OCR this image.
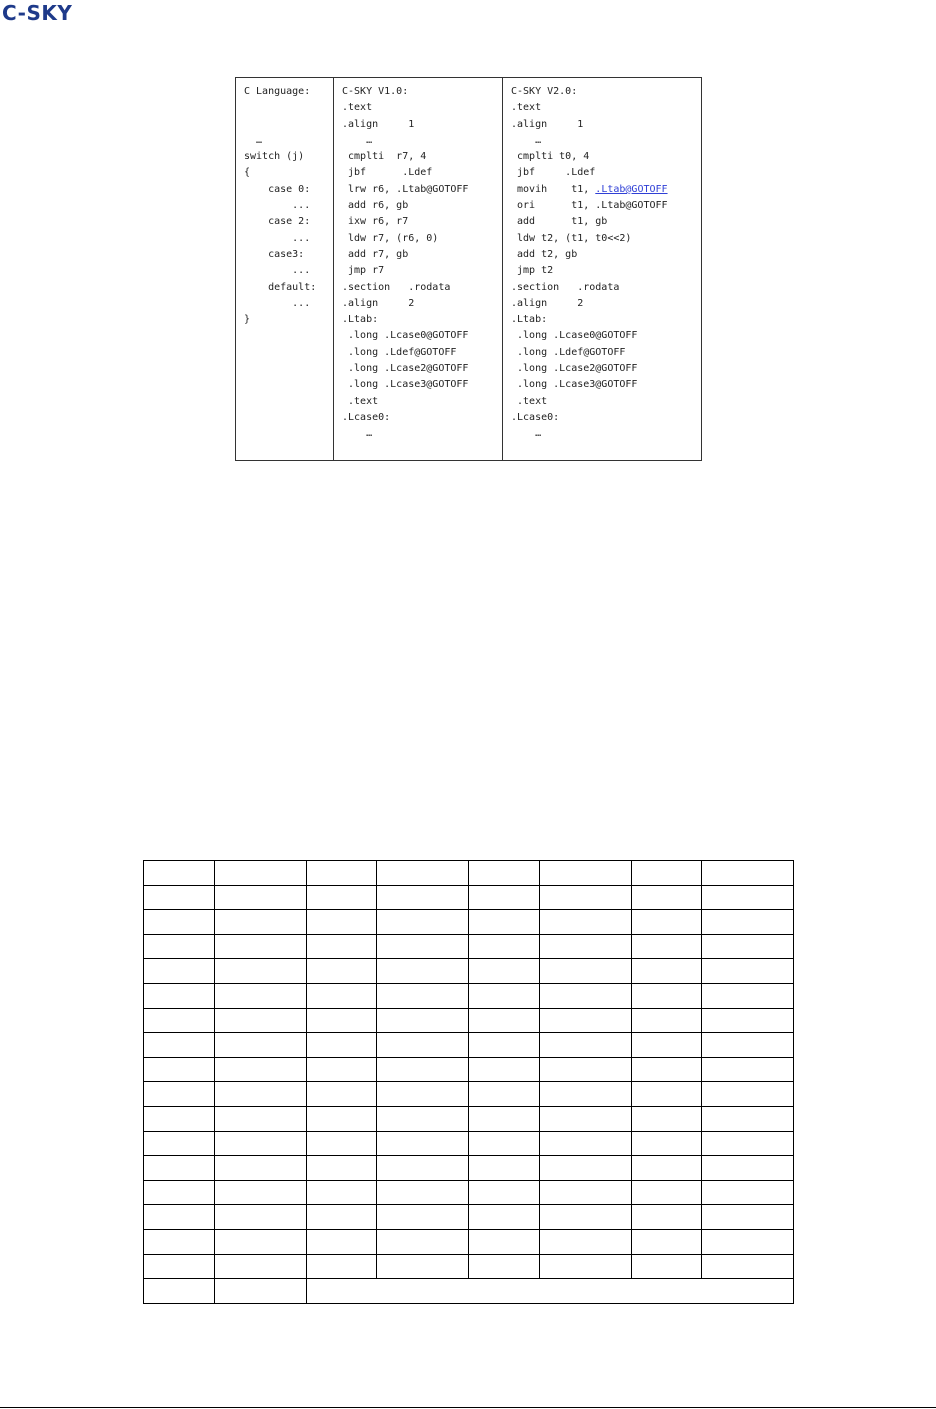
C-SKY
C Language:
…
switch (j)
{
case 0:
...
case 2:
...
case3:
...
default:
...
}

C-SKY V1.0:
.text
.align     1
…
cmplti  r7, 4
jbf      .Ldef
lrw r6, .Ltab@GOTOFF
add r6, gb
ixw r6, r7
ldw r7, (r6, 0)
add r7, gb
jmp r7
.section   .rodata
.align     2
.Ltab:
.long .Lcase0@GOTOFF
.long .Ldef@GOTOFF
.long .Lcase2@GOTOFF
.long .Lcase3@GOTOFF
.text
.Lcase0:
…

C-SKY V2.0:
.text
.align     1
…
cmplti t0, 4
jbf     .Ldef
movih    t1, .Ltab@GOTOFF
ori      t1, .Ltab@GOTOFF
add      t1, gb
ldw t2, (t1, t0<<2)
add t2, gb
jmp t2
.section   .rodata
.align     2
.Ltab:
.long .Lcase0@GOTOFF
.long .Ldef@GOTOFF
.long .Lcase2@GOTOFF
.long .Lcase3@GOTOFF
.text
.Lcase0:
…
